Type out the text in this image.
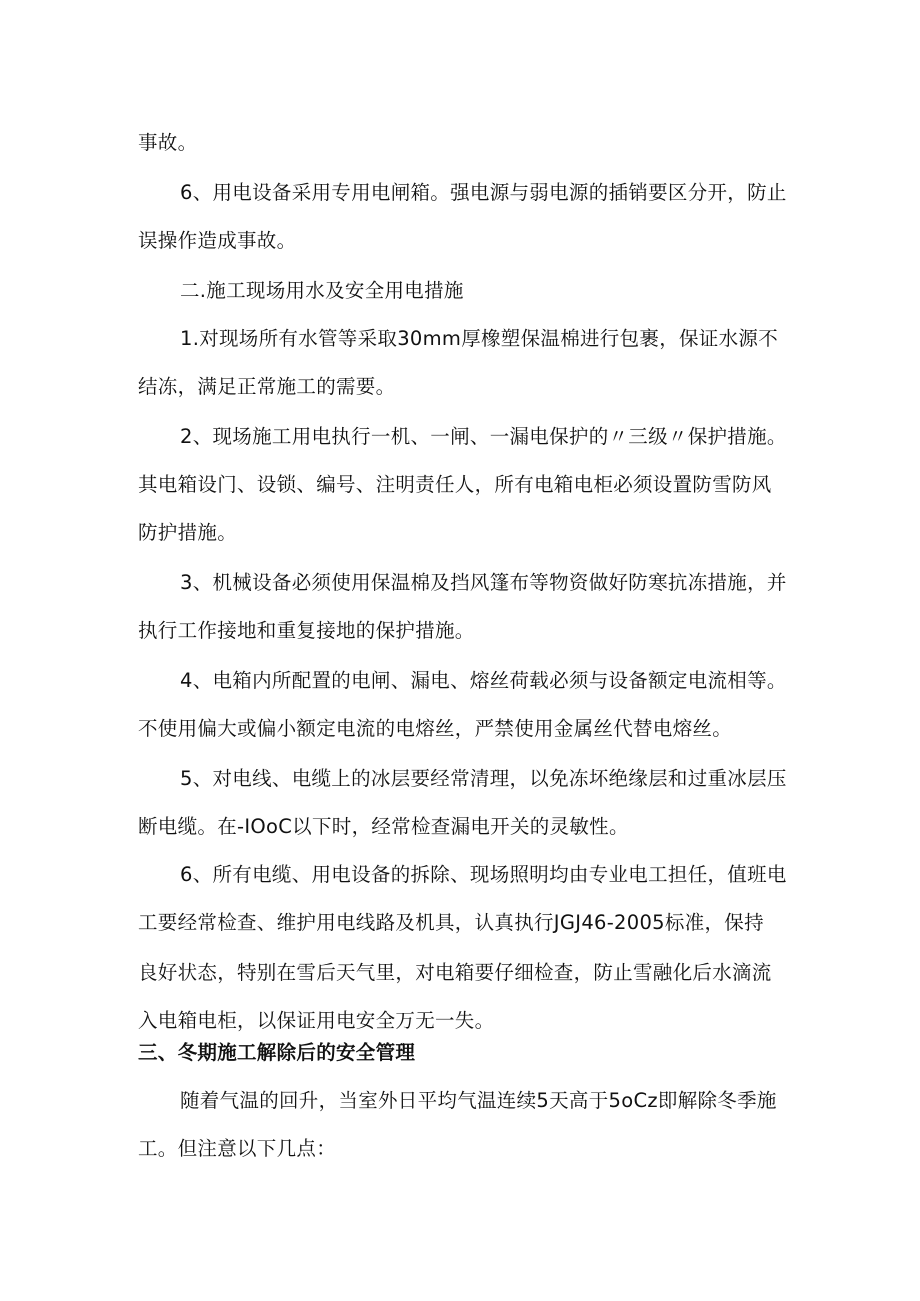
事故。
6、用电设备采用专用电闸箱。强电源与弱电源的插销要区分开，防止
误操作造成事故。
二.施工现场用水及安全用电措施
1.对现场所有水管等采取30mm厚橡塑保温棉进行包裹，保证水源不
结冻，满足正常施工的需要。
2、现场施工用电执行一机、一闸、一漏电保护的〃三级〃保护措施。
其电箱设门、设锁、编号、注明责任人，所有电箱电柜必须设置防雪防风
防护措施。
3、机械设备必须使用保温棉及挡风篷布等物资做好防寒抗冻措施，并
执行工作接地和重复接地的保护措施。
4、电箱内所配置的电闸、漏电、熔丝荷载必须与设备额定电流相等。
不使用偏大或偏小额定电流的电熔丝，严禁使用金属丝代替电熔丝。
5、对电线、电缆上的冰层要经常清理，以免冻坏绝缘层和过重冰层压
断电缆。在-IOoC以下时，经常检查漏电开关的灵敏性。
6、所有电缆、用电设备的拆除、现场照明均由专业电工担任，值班电
工要经常检查、维护用电线路及机具，认真执行JGJ46-2005标准，保持
良好状态，特别在雪后天气里，对电箱要仔细检查，防止雪融化后水滴流
入电箱电柜，以保证用电安全万无一失。
三、冬期施工解除后的安全管理
随着气温的回升，当室外日平均气温连续5天高于5oCz即解除冬季施
工。但注意以下几点：
